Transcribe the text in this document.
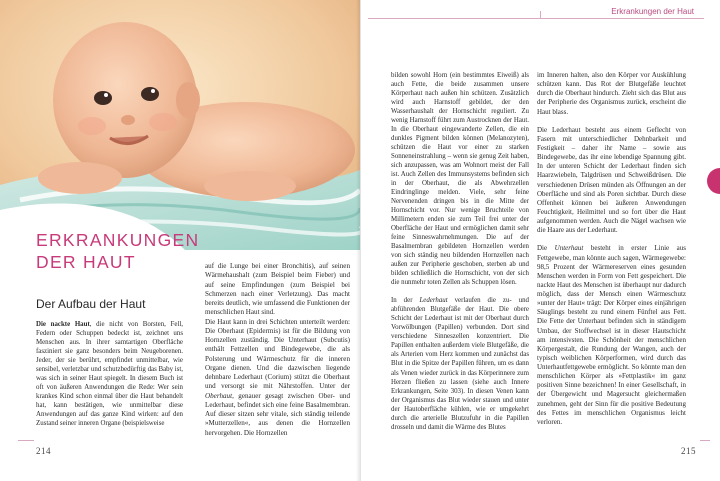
ERKRANKUNGEN
DER HAUT
Der Aufbau der Haut

Die nackte Haut, die nicht von Borsten, Fell, Federn oder Schuppen bedeckt ist, zeichnet uns Menschen aus. In ihrer samtartigen Oberfläche fasziniert sie ganz besonders beim Neugeborenen. Jeder, der sie berührt, empfindet unmittelbar, wie sensibel, verletzbar und schutzbedürftig das Baby ist, was sich in seiner Haut spiegelt. In diesem Buch ist oft von äußeren Anwendungen die Rede: Wer sein krankes Kind schon einmal über die Haut behandelt hat, kann bestätigen, wie unmittelbar diese Anwendungen auf das ganze Kind wirken: auf den Zustand seiner inneren Organe (beispielsweise

auf die Lunge bei einer Bronchitis), auf seinen Wärmehaushalt (zum Beispiel beim Fieber) und auf seine Empfindungen (zum Beispiel bei Schmerzen nach einer Verletzung). Das macht bereits deutlich, wie umfassend die Funktionen der menschlichen Haut sind.

Die Haut kann in drei Schichten unterteilt werden: Die Oberhaut (Epidermis) ist für die Bildung von Hornzellen zuständig. Die Unterhaut (Subcutis) enthält Fettzellen und Bindegewebe, die als Polsterung und Wärmeschutz für die inneren Organe dienen. Und die dazwischen liegende dehnbare Lederhaut (Corium) stützt die Oberhaut und versorgt sie mit Nährstoffen. Unter der Oberhaut, genauer gesagt zwischen Ober- und Lederhaut, befindet sich eine feine Basalmembran. Auf dieser sitzen sehr vitale, sich ständig teilende »Mutterzellen«, aus denen die Hornzellen hervorgehen. Die Hornzellen

214
Erkrankungen der Haut

bilden sowohl Horn (ein bestimmtes Eiweiß) als auch Fette, die beide zusammen unsere Körperhaut nach außen hin schützen. Zusätzlich wird auch Harnstoff gebildet, der den Wasserhaushalt der Hornschicht reguliert. Zu wenig Harnstoff führt zum Austrocknen der Haut. In die Oberhaut eingewanderte Zellen, die ein dunkles Pigment bilden können (Melanozyten), schützen die Haut vor einer zu starken Sonneneinstrahlung – wenn sie genug Zeit haben, sich anzupassen, was am Wohnort meist der Fall ist. Auch Zellen des Immunsystems befinden sich in der Oberhaut, die als Abwehrzellen Eindringlinge melden. Viele, sehr feine Nervenenden dringen bis in die Mitte der Hornschicht vor. Nur wenige Bruchteile von Millimetern enden sie zum Teil frei unter der Oberfläche der Haut und ermöglichen damit sehr feine Sinneswahrnehmungen. Die auf der Basalmembran gebildeten Hornzellen werden von sich ständig neu bildenden Hornzellen nach außen zur Peripherie geschoben, sterben ab und bilden schließlich die Hornschicht, von der sich die nunmehr toten Zellen als Schuppen lösen.

In der Lederhaut verlaufen die zu- und abführenden Blutgefäße der Haut. Die obere Schicht der Lederhaut ist mit der Oberhaut durch Vorwölbungen (Papillen) verbunden. Dort sind verschiedene Sinneszellen konzentriert. Die Papillen enthalten außerdem viele Blutgefäße, die als Arterien vom Herz kommen und zunächst das Blut in die Spitze der Papillen führen, um es dann als Venen wieder zurück in das Körperinnere zum Herzen fließen zu lassen (siehe auch Innere Erkrankungen, Seite 303). In diesen Venen kann der Organismus das Blut wieder stauen und unter der Hautoberfläche kühlen, wie er umgekehrt durch die arterielle Blutzufuhr in die Papillen drosseln und damit die Wärme des Blutes

im Inneren halten, also den Körper vor Auskühlung schützen kann. Das Rot der Blutgefäße leuchtet durch die Oberhaut hindurch. Zieht sich das Blut aus der Peripherie des Organismus zurück, erscheint die Haut blass.

Die Lederhaut besteht aus einem Geflecht von Fasern mit unterschiedlicher Dehnbarkeit und Festigkeit – daher ihr Name – sowie aus Bindegewebe, das ihr eine lebendige Spannung gibt. In der unteren Schicht der Lederhaut finden sich Haarzwiebeln, Talgdrüsen und Schweißdrüsen. Die verschiedenen Drüsen münden als Öffnungen an der Oberfläche und sind als Poren sichtbar. Durch diese Offenheit können bei äußeren Anwendungen Feuchtigkeit, Heilmittel und so fort über die Haut aufgenommen werden. Auch die Nägel wachsen wie die Haare aus der Lederhaut.

Die Unterhaut besteht in erster Linie aus Fettgewebe, man könnte auch sagen, Wärmegewebe: 98,5 Prozent der Wärmereserven eines gesunden Menschen werden in Form von Fett gespeichert. Die nackte Haut des Menschen ist überhaupt nur dadurch möglich, dass der Mensch einen Wärmeschutz »unter der Haut« trägt: Der Körper eines einjährigen Säuglings besteht zu rund einem Fünftel aus Fett. Die Fette der Unterhaut befinden sich in ständigem Umbau, der Stoffwechsel ist in dieser Hautschicht am intensivsten. Die Schönheit der menschlichen Körpergestalt, die Rundung der Wangen, auch der typisch weiblichen Körperformen, wird durch das Unterhautfettgewebe ermöglicht. So könnte man den menschlichen Körper als »Fettplastik« im ganz positiven Sinne bezeichnen! In einer Gesellschaft, in der Übergewicht und Magersucht gleichermaßen zunehmen, geht der Sinn für die positive Bedeutung des Fettes im menschlichen Organismus leicht verloren.

215
